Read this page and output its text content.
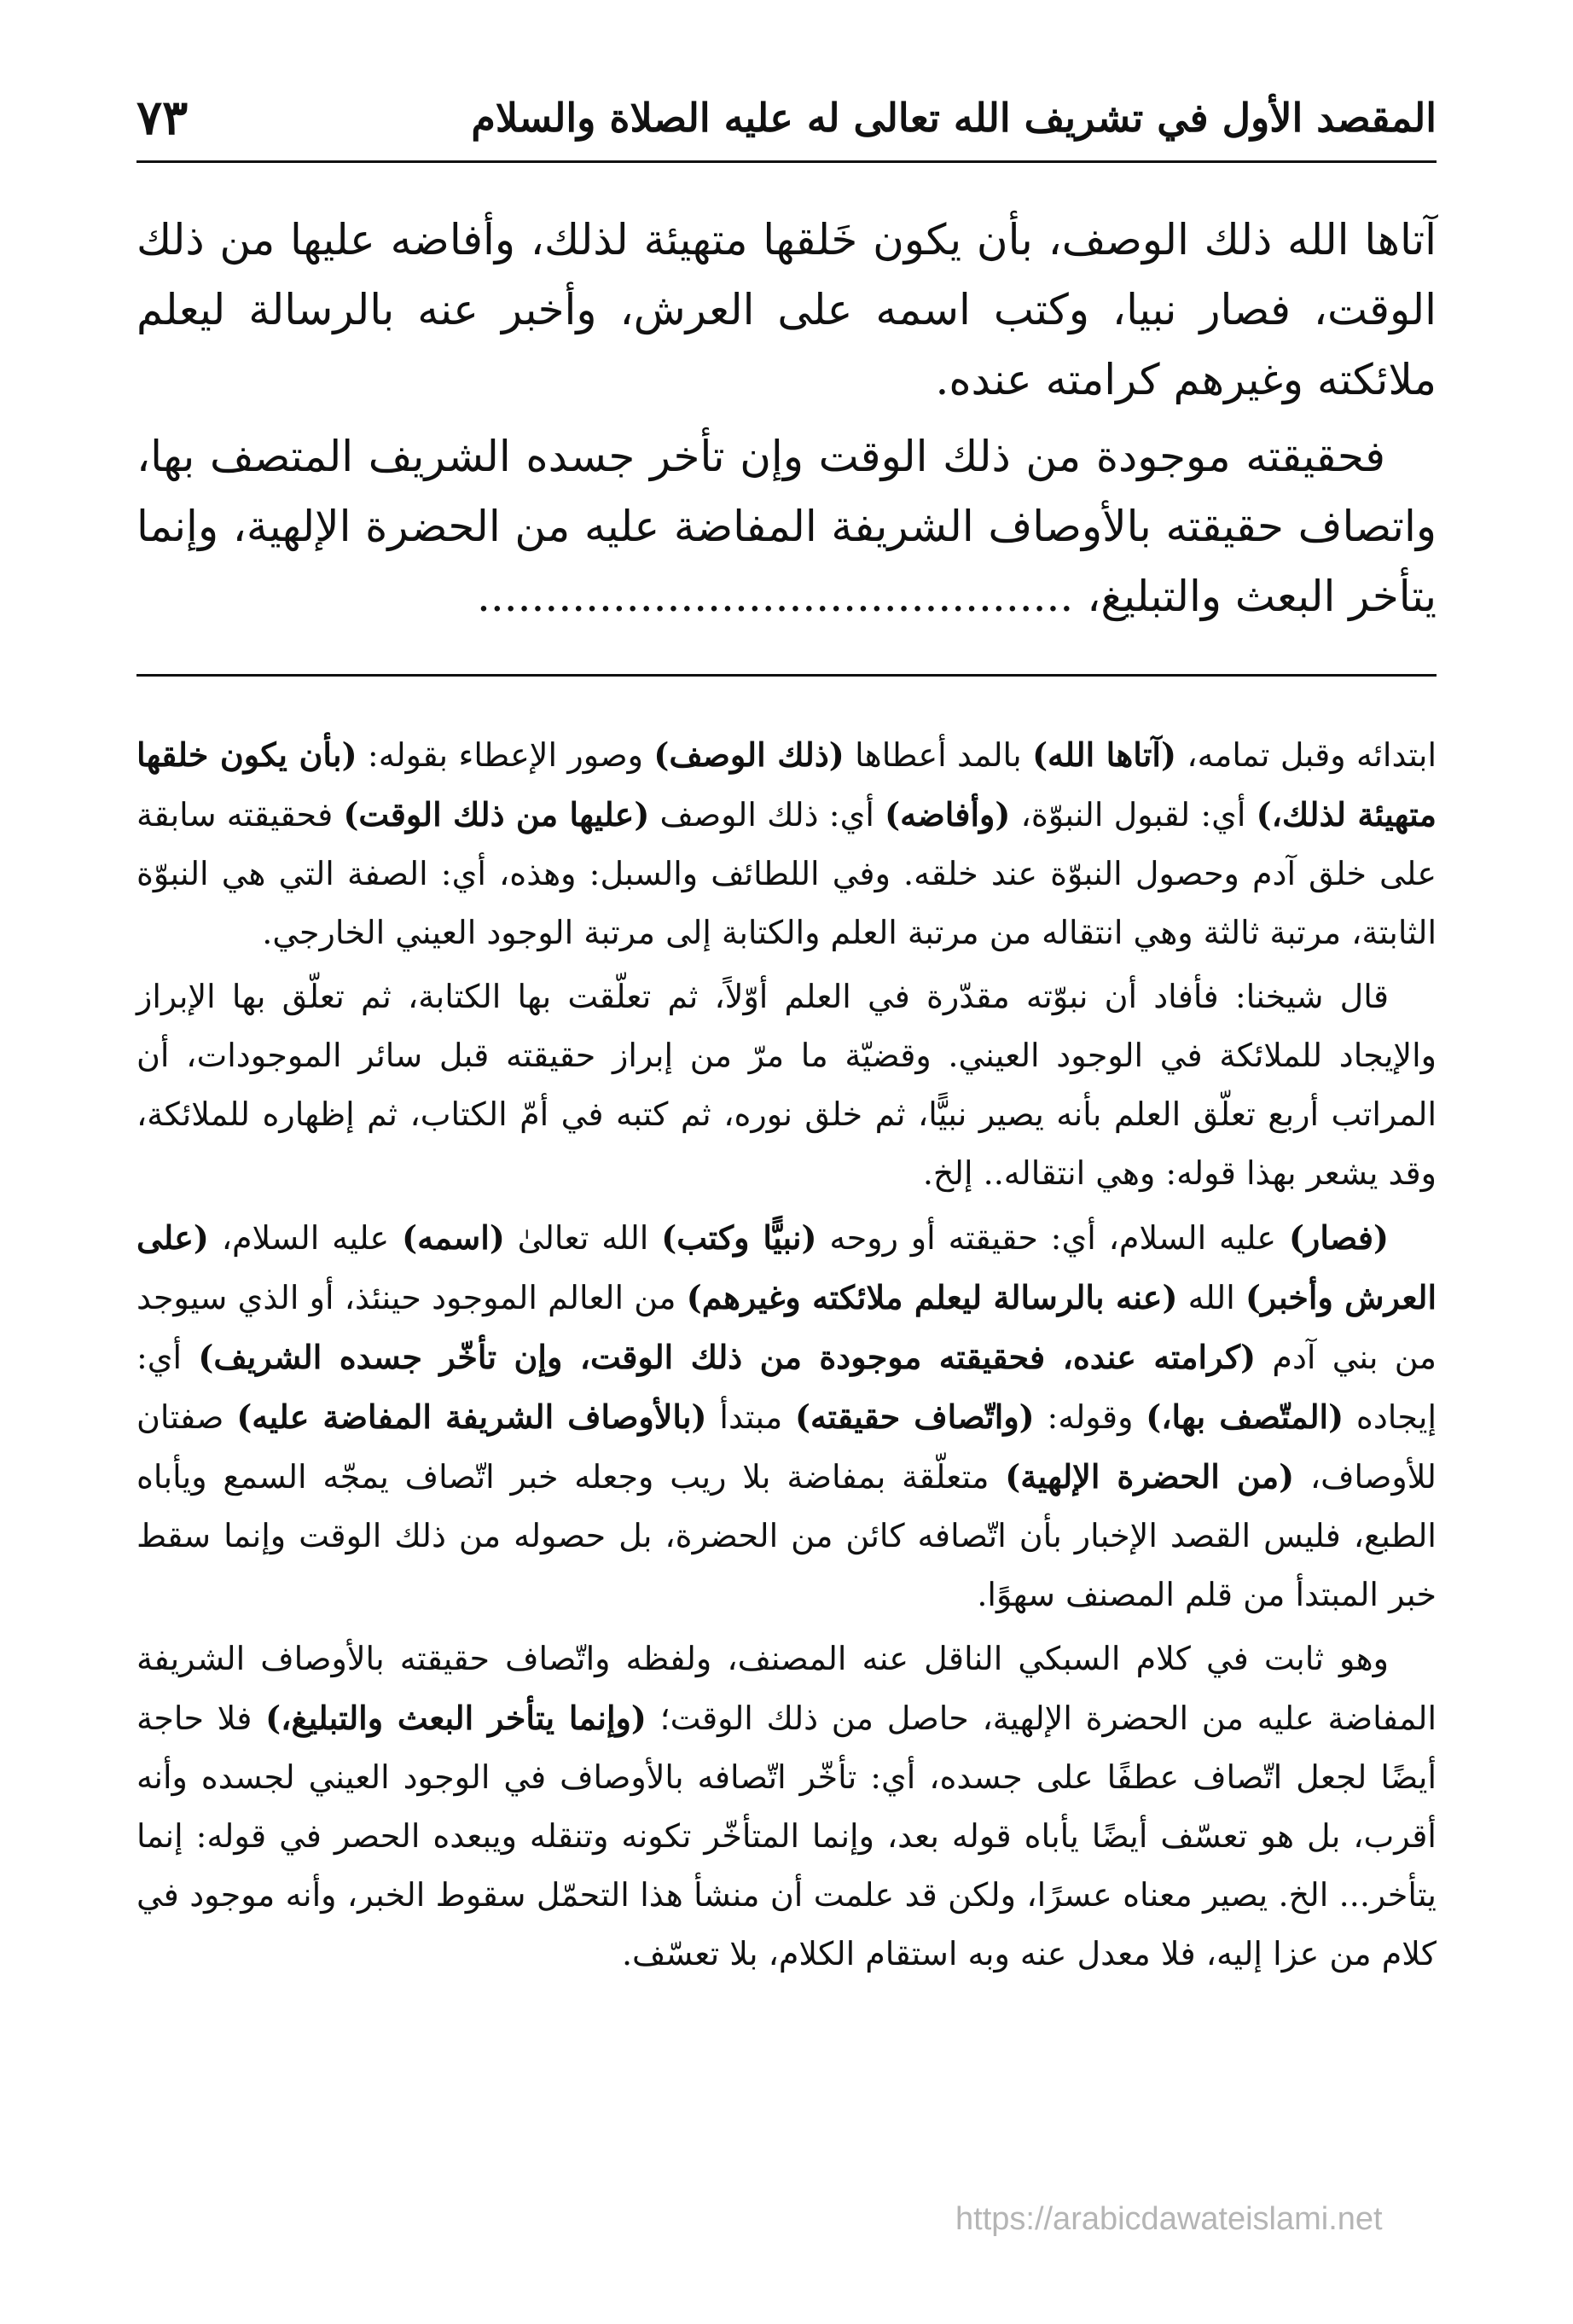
المقصد الأول في تشريف الله تعالى له عليه الصلاة والسلام
٧٣

آتاها الله ذلك الوصف، بأن يكون خَلقها متهيئة لذلك، وأفاضه عليها من ذلك الوقت، فصار نبيا، وكتب اسمه على العرش، وأخبر عنه بالرسالة ليعلم ملائكته وغيرهم كرامته عنده.

فحقيقته موجودة من ذلك الوقت وإن تأخر جسده الشريف المتصف بها، واتصاف حقيقته بالأوصاف الشريفة المفاضة عليه من الحضرة الإلهية، وإنما يتأخر البعث والتبليغ، ............................................

ابتدائه وقبل تمامه، (آتاها الله) بالمد أعطاها (ذلك الوصف) وصور الإعطاء بقوله: (بأن يكون خلقها متهيئة لذلك،) أي: لقبول النبوّة، (وأفاضه) أي: ذلك الوصف (عليها من ذلك الوقت) فحقيقته سابقة على خلق آدم وحصول النبوّة عند خلقه. وفي اللطائف والسبل: وهذه، أي: الصفة التي هي النبوّة الثابتة، مرتبة ثالثة وهي انتقاله من مرتبة العلم والكتابة إلى مرتبة الوجود العيني الخارجي.

قال شيخنا: فأفاد أن نبوّته مقدّرة في العلم أوّلاً، ثم تعلّقت بها الكتابة، ثم تعلّق بها الإبراز والإيجاد للملائكة في الوجود العيني. وقضيّة ما مرّ من إبراز حقيقته قبل سائر الموجودات، أن المراتب أربع تعلّق العلم بأنه يصير نبيًّا، ثم خلق نوره، ثم كتبه في أمّ الكتاب، ثم إظهاره للملائكة، وقد يشعر بهذا قوله: وهي انتقاله.. إلخ.

(فصار) عليه السلام، أي: حقيقته أو روحه (نبيًّا وكتب) الله تعالىٰ (اسمه) عليه السلام، (على العرش وأخبر) الله (عنه بالرسالة ليعلم ملائكته وغيرهم) من العالم الموجود حينئذ، أو الذي سيوجد من بني آدم (كرامته عنده، فحقيقته موجودة من ذلك الوقت، وإن تأخّر جسده الشريف) أي: إيجاده (المتّصف بها،) وقوله: (واتّصاف حقيقته) مبتدأ (بالأوصاف الشريفة المفاضة عليه) صفتان للأوصاف، (من الحضرة الإلهية) متعلّقة بمفاضة بلا ريب وجعله خبر اتّصاف يمجّه السمع ويأباه الطبع، فليس القصد الإخبار بأن اتّصافه كائن من الحضرة، بل حصوله من ذلك الوقت وإنما سقط خبر المبتدأ من قلم المصنف سهوًا.

وهو ثابت في كلام السبكي الناقل عنه المصنف، ولفظه واتّصاف حقيقته بالأوصاف الشريفة المفاضة عليه من الحضرة الإلهية، حاصل من ذلك الوقت؛ (وإنما يتأخر البعث والتبليغ،) فلا حاجة أيضًا لجعل اتّصاف عطفًا على جسده، أي: تأخّر اتّصافه بالأوصاف في الوجود العيني لجسده وأنه أقرب، بل هو تعسّف أيضًا يأباه قوله بعد، وإنما المتأخّر تكونه وتنقله ويبعده الحصر في قوله: إنما يتأخر... الخ. يصير معناه عسرًا، ولكن قد علمت أن منشأ هذا التحمّل سقوط الخبر، وأنه موجود في كلام من عزا إليه، فلا معدل عنه وبه استقام الكلام، بلا تعسّف.

https://arabicdawateislami.net
